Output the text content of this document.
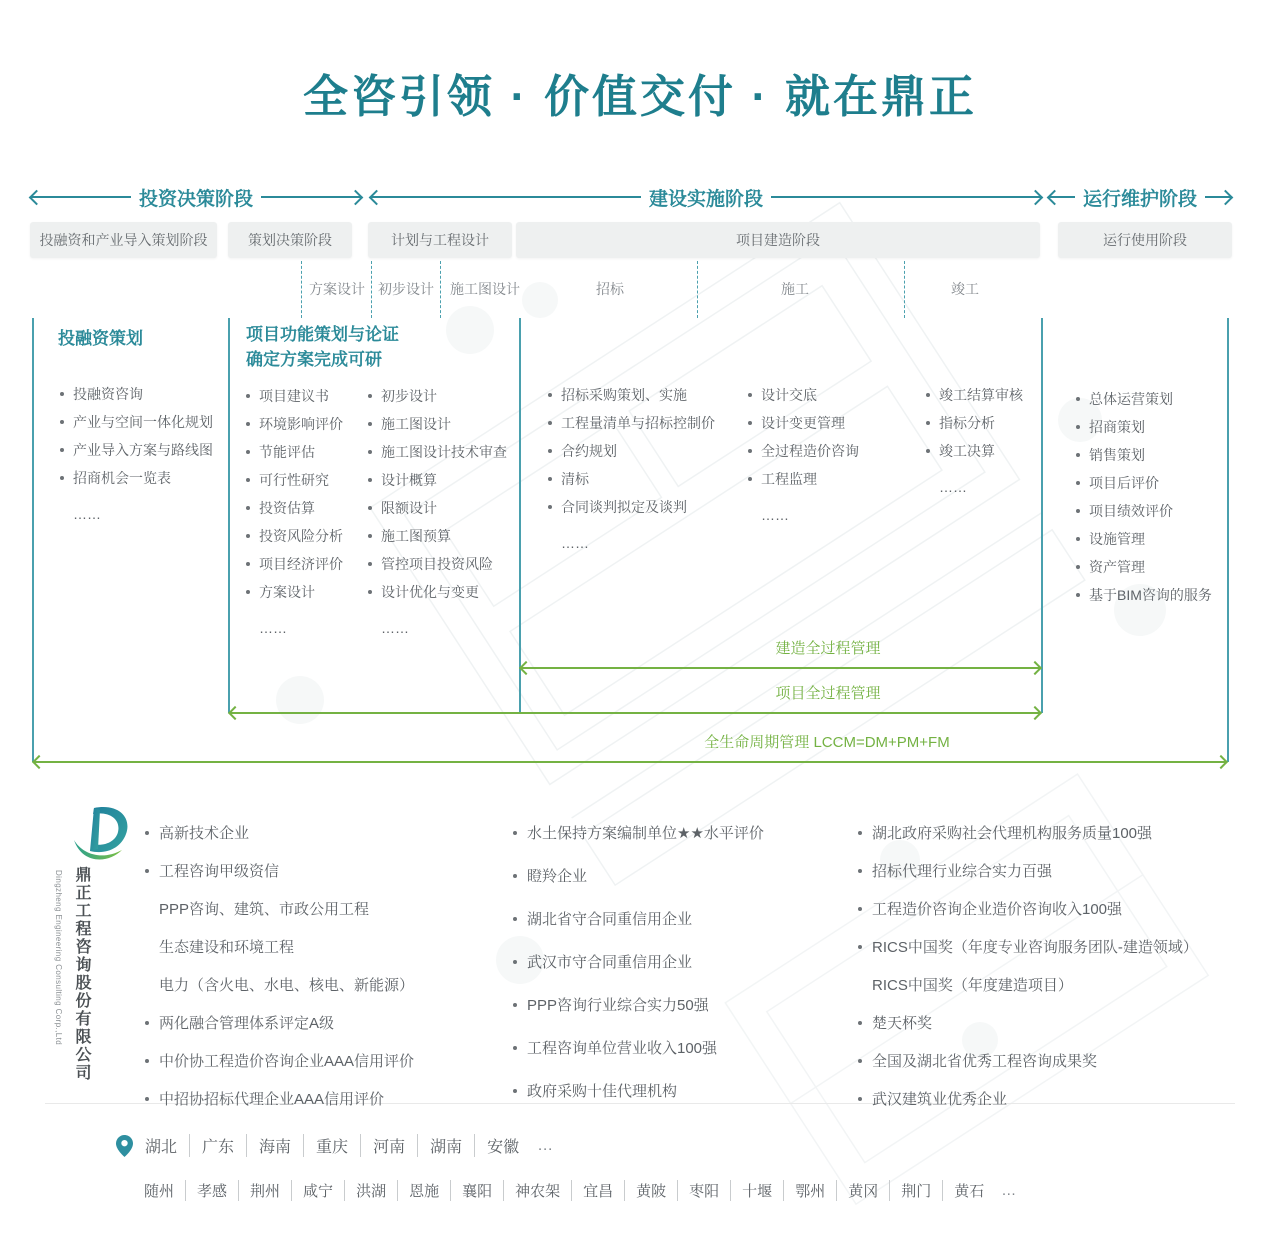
全咨引领 · 价值交付 · 就在鼎正
投资决策阶段	建设实施阶段	运行维护阶段
投融资和产业导入策划阶段	策划决策阶段	计划与工程设计	项目建造阶段	运行使用阶段
方案设计 初步设计	施工图设计	招标	施工	竣工
投融资策划	项目功能策划与论证
确定方案完成可研
投融资咨询
产业与空间一体化规划
产业导入方案与路线图
招商机会一览表
……
项目建议书
环境影响评价
节能评估
可行性研究
投资估算
投资风险分析
项目经济评价
方案设计
……
初步设计
施工图设计
施工图设计技术审查
设计概算
限额设计
施工图预算
管控项目投资风险
设计优化与变更
……
招标采购策划、实施
工程量清单与招标控制价
合约规划
清标
合同谈判拟定及谈判
……
设计交底
设计变更管理
全过程造价咨询
工程监理
……
竣工结算审核
指标分析
竣工决算
……
总体运营策划
招商策划
销售策划
项目后评价
项目绩效评价
设施管理
资产管理
基于BIM咨询的服务
建造全过程管理
项目全过程管理
全生命周期管理 LCCM=DM+PM+FM
鼎正工程咨询股份有限公司
Dingzheng Engineering Consulting Corp.,Ltd
高新技术企业
工程咨询甲级资信
PPP咨询、建筑、市政公用工程
生态建设和环境工程
电力（含火电、水电、核电、新能源）
两化融合管理体系评定A级
中价协工程造价咨询企业AAA信用评价
中招协招标代理企业AAA信用评价
水土保持方案编制单位★★水平评价
瞪羚企业
湖北省守合同重信用企业
武汉市守合同重信用企业
PPP咨询行业综合实力50强
工程咨询单位营业收入100强
政府采购十佳代理机构
湖北政府采购社会代理机构服务质量100强
招标代理行业综合实力百强
工程造价咨询企业造价咨询收入100强
RICS中国奖（年度专业咨询服务团队-建造领域）
RICS中国奖（年度建造项目）
楚天杯奖
全国及湖北省优秀工程咨询成果奖
武汉建筑业优秀企业
湖北	广东	海南	重庆	河南	湖南	安徽	…
随州	孝感	荆州	咸宁	洪湖	恩施	襄阳	神农架	宜昌	黄陂	枣阳	十堰	鄂州	黄冈	荆门	黄石	…
